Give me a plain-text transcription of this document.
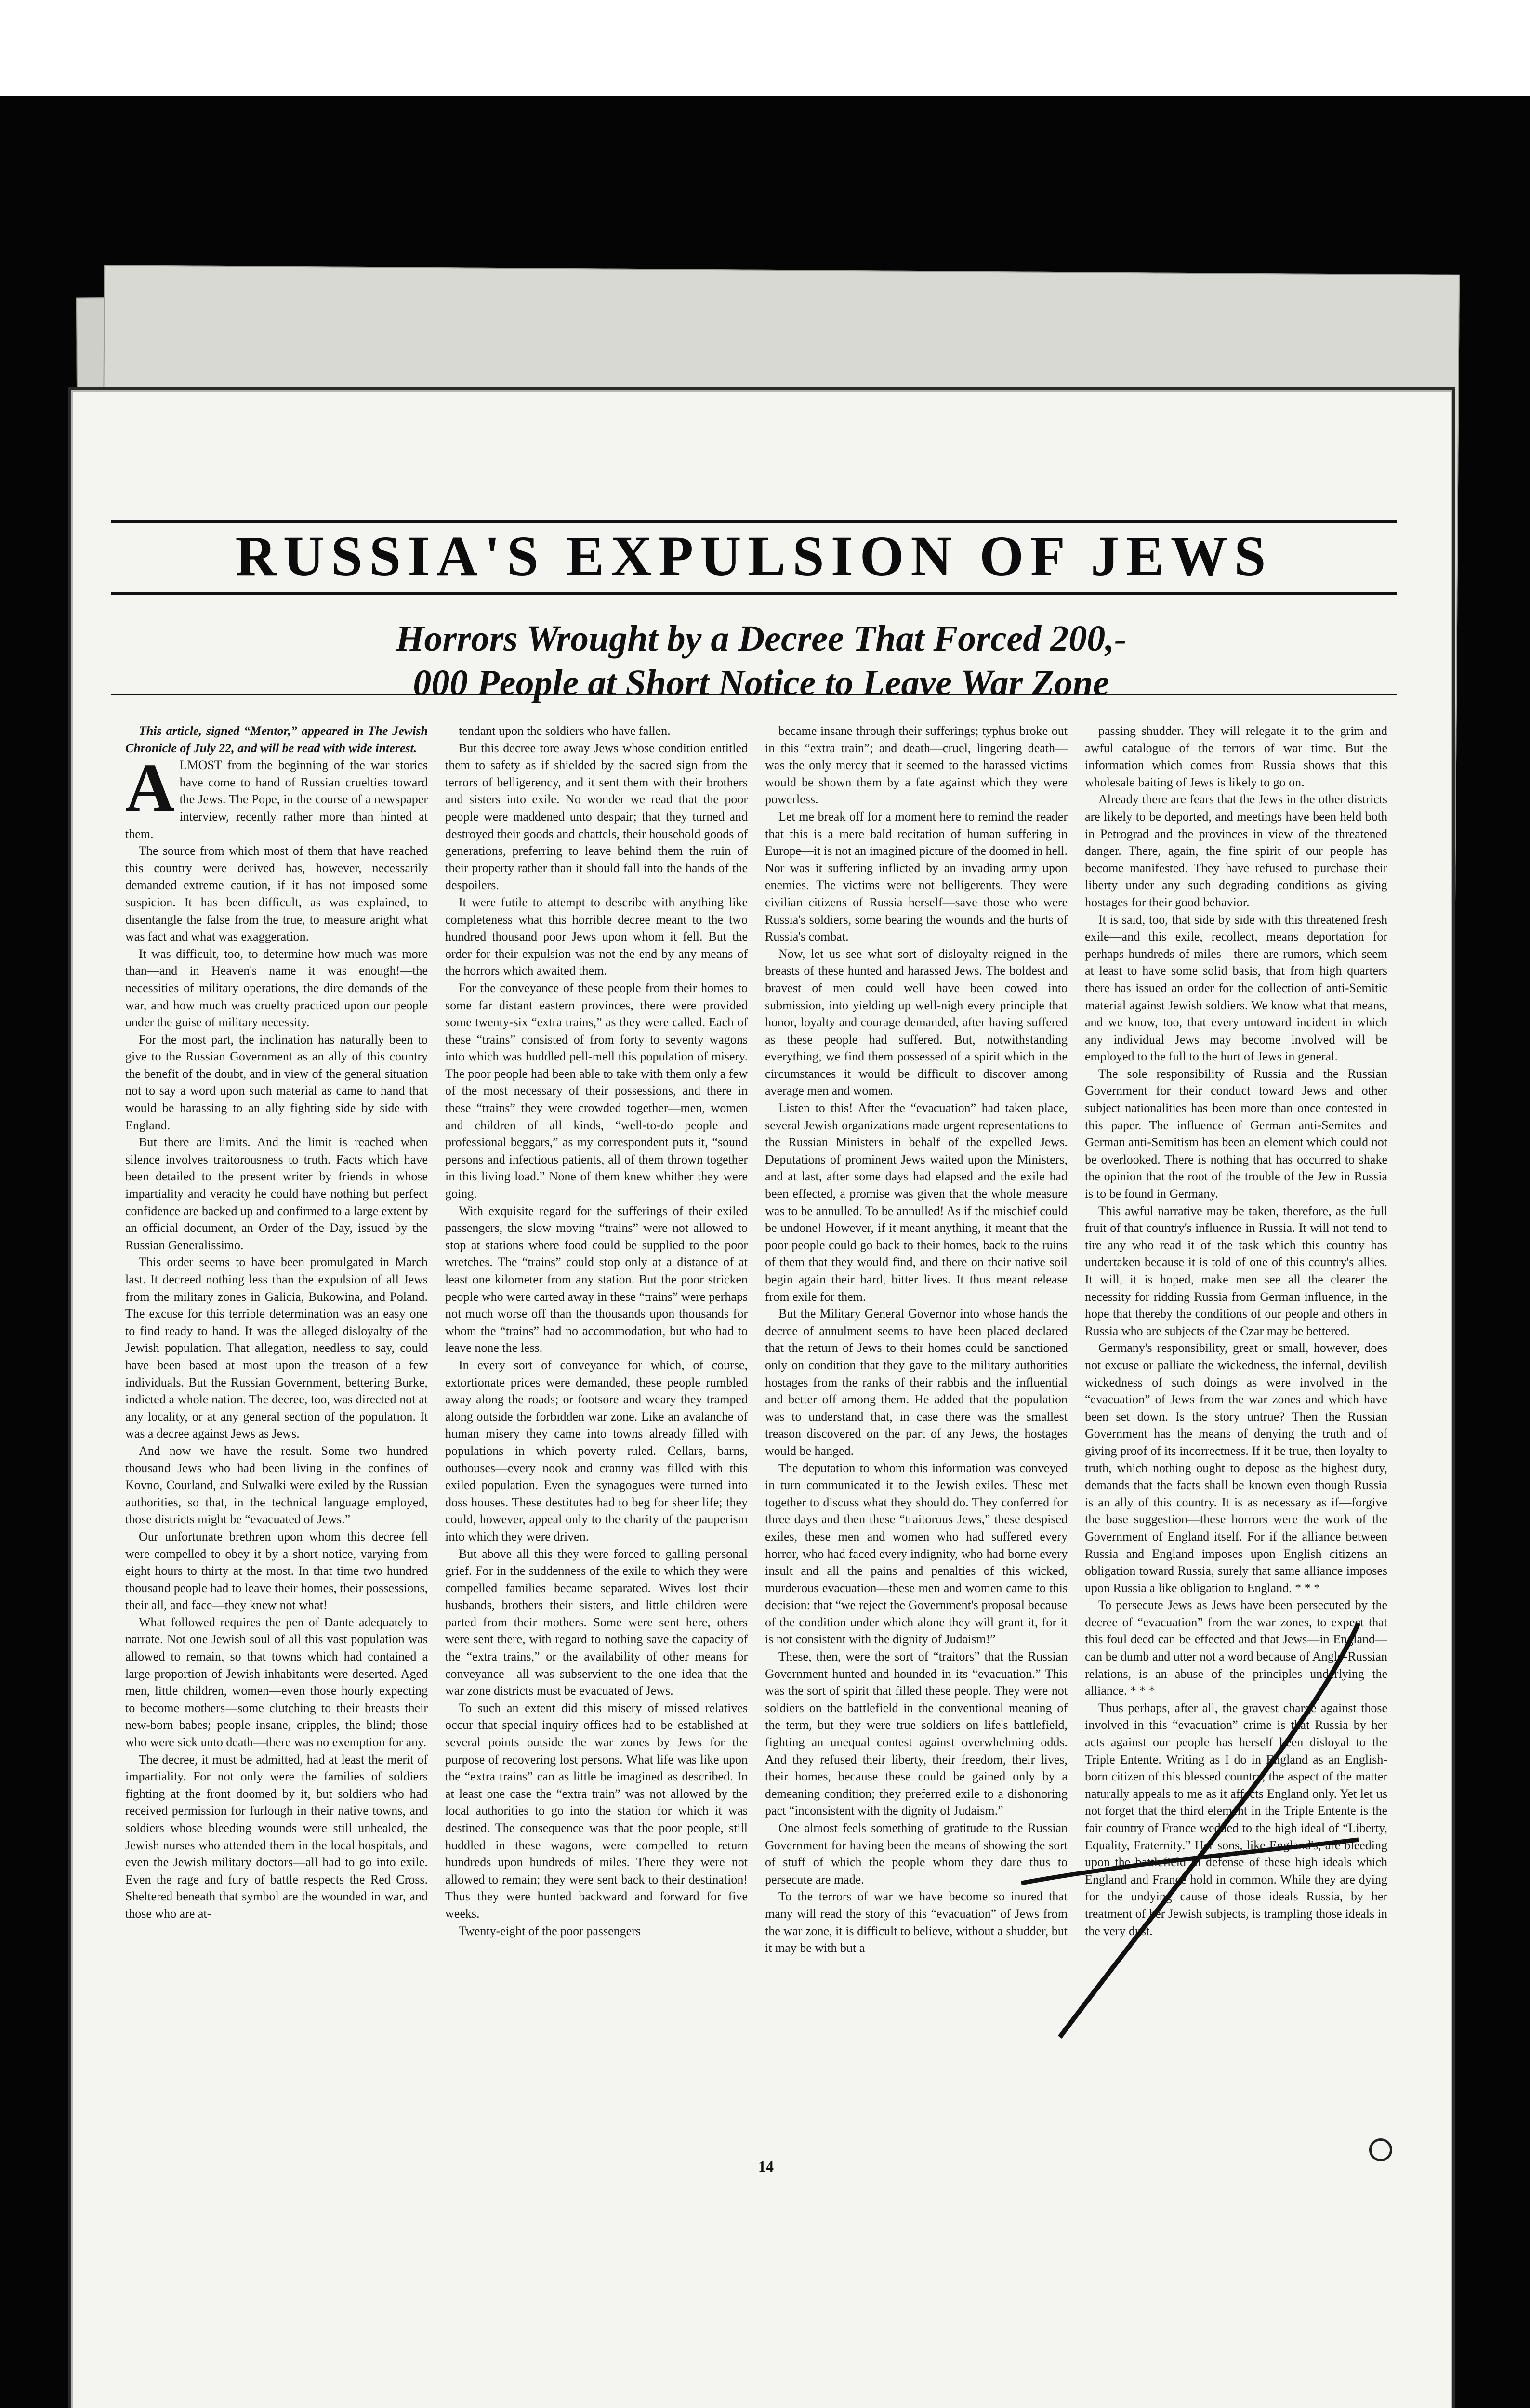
RUSSIA'S EXPULSION OF JEWS
Horrors Wrought by a Decree That Forced 200,-
000 People at Short Notice to Leave War Zone

This article, signed “Mentor,” appeared in The Jewish Chronicle of July 22, and will be read with wide interest.

A LMOST from the beginning of the war stories have come to hand of Russian cruelties toward the Jews. The Pope, in the course of a newspaper interview, recently rather more than hinted at them.

The source from which most of them that have reached this country were derived has, however, necessarily demanded extreme caution, if it has not imposed some suspicion. It has been difficult, as was explained, to disentangle the false from the true, to measure aright what was fact and what was exaggeration.

It was difficult, too, to determine how much was more than—and in Heaven's name it was enough!—the necessities of military operations, the dire demands of the war, and how much was cruelty practiced upon our people under the guise of military necessity.

For the most part, the inclination has naturally been to give to the Russian Government as an ally of this country the benefit of the doubt, and in view of the general situation not to say a word upon such material as came to hand that would be harassing to an ally fighting side by side with England.

But there are limits. And the limit is reached when silence involves traitorousness to truth. Facts which have been detailed to the present writer by friends in whose impartiality and veracity he could have nothing but perfect confidence are backed up and confirmed to a large extent by an official document, an Order of the Day, issued by the Russian Generalissimo.

This order seems to have been promulgated in March last. It decreed nothing less than the expulsion of all Jews from the military zones in Galicia, Bukowina, and Poland. The excuse for this terrible determination was an easy one to find ready to hand. It was the alleged disloyalty of the Jewish population. That allegation, needless to say, could have been based at most upon the treason of a few individuals. But the Russian Government, bettering Burke, indicted a whole nation. The decree, too, was directed not at any locality, or at any general section of the population. It was a decree against Jews as Jews.

And now we have the result. Some two hundred thousand Jews who had been living in the confines of Kovno, Courland, and Sulwalki were exiled by the Russian authorities, so that, in the technical language employed, those districts might be “evacuated of Jews.”

Our unfortunate brethren upon whom this decree fell were compelled to obey it by a short notice, varying from eight hours to thirty at the most. In that time two hundred thousand people had to leave their homes, their possessions, their all, and face—they knew not what!

What followed requires the pen of Dante adequately to narrate. Not one Jewish soul of all this vast population was allowed to remain, so that towns which had contained a large proportion of Jewish inhabitants were deserted. Aged men, little children, women—even those hourly expecting to become mothers—some clutching to their breasts their new-born babes; people insane, cripples, the blind; those who were sick unto death—there was no exemption for any.

The decree, it must be admitted, had at least the merit of impartiality. For not only were the families of soldiers fighting at the front doomed by it, but soldiers who had received permission for furlough in their native towns, and soldiers whose bleeding wounds were still unhealed, the Jewish nurses who attended them in the local hospitals, and even the Jewish military doctors—all had to go into exile. Even the rage and fury of battle respects the Red Cross. Sheltered beneath that symbol are the wounded in war, and those who are at-

tendant upon the soldiers who have fallen.

But this decree tore away Jews whose condition entitled them to safety as if shielded by the sacred sign from the terrors of belligerency, and it sent them with their brothers and sisters into exile. No wonder we read that the poor people were maddened unto despair; that they turned and destroyed their goods and chattels, their household goods of generations, preferring to leave behind them the ruin of their property rather than it should fall into the hands of the despoilers.

It were futile to attempt to describe with anything like completeness what this horrible decree meant to the two hundred thousand poor Jews upon whom it fell. But the order for their expulsion was not the end by any means of the horrors which awaited them.

For the conveyance of these people from their homes to some far distant eastern provinces, there were provided some twenty-six “extra trains,” as they were called. Each of these “trains” consisted of from forty to seventy wagons into which was huddled pell-mell this population of misery. The poor people had been able to take with them only a few of the most necessary of their possessions, and there in these “trains” they were crowded together—men, women and children of all kinds, “well-to-do people and professional beggars,” as my correspondent puts it, “sound persons and infectious patients, all of them thrown together in this living load.” None of them knew whither they were going.

With exquisite regard for the sufferings of their exiled passengers, the slow moving “trains” were not allowed to stop at stations where food could be supplied to the poor wretches. The “trains” could stop only at a distance of at least one kilometer from any station. But the poor stricken people who were carted away in these “trains” were perhaps not much worse off than the thousands upon thousands for whom the “trains” had no accommodation, but who had to leave none the less.

In every sort of conveyance for which, of course, extortionate prices were demanded, these people rumbled away along the roads; or footsore and weary they tramped along outside the forbidden war zone. Like an avalanche of human misery they came into towns already filled with populations in which poverty ruled. Cellars, barns, outhouses—every nook and cranny was filled with this exiled population. Even the synagogues were turned into doss houses. These destitutes had to beg for sheer life; they could, however, appeal only to the charity of the pauperism into which they were driven.

But above all this they were forced to galling personal grief. For in the suddenness of the exile to which they were compelled families became separated. Wives lost their husbands, brothers their sisters, and little children were parted from their mothers. Some were sent here, others were sent there, with regard to nothing save the capacity of the “extra trains,” or the availability of other means for conveyance—all was subservient to the one idea that the war zone districts must be evacuated of Jews.

To such an extent did this misery of missed relatives occur that special inquiry offices had to be established at several points outside the war zones by Jews for the purpose of recovering lost persons. What life was like upon the “extra trains” can as little be imagined as described. In at least one case the “extra train” was not allowed by the local authorities to go into the station for which it was destined. The consequence was that the poor people, still huddled in these wagons, were compelled to return hundreds upon hundreds of miles. There they were not allowed to remain; they were sent back to their destination! Thus they were hunted backward and forward for five weeks.

Twenty-eight of the poor passengers

became insane through their sufferings; typhus broke out in this “extra train”; and death—cruel, lingering death—was the only mercy that it seemed to the harassed victims would be shown them by a fate against which they were powerless.

Let me break off for a moment here to remind the reader that this is a mere bald recitation of human suffering in Europe—it is not an imagined picture of the doomed in hell. Nor was it suffering inflicted by an invading army upon enemies. The victims were not belligerents. They were civilian citizens of Russia herself—save those who were Russia's soldiers, some bearing the wounds and the hurts of Russia's combat.

Now, let us see what sort of disloyalty reigned in the breasts of these hunted and harassed Jews. The boldest and bravest of men could well have been cowed into submission, into yielding up well-nigh every principle that honor, loyalty and courage demanded, after having suffered as these people had suffered. But, notwithstanding everything, we find them possessed of a spirit which in the circumstances it would be difficult to discover among average men and women.

Listen to this! After the “evacuation” had taken place, several Jewish organizations made urgent representations to the Russian Ministers in behalf of the expelled Jews. Deputations of prominent Jews waited upon the Ministers, and at last, after some days had elapsed and the exile had been effected, a promise was given that the whole measure was to be annulled. To be annulled! As if the mischief could be undone! However, if it meant anything, it meant that the poor people could go back to their homes, back to the ruins of them that they would find, and there on their native soil begin again their hard, bitter lives. It thus meant release from exile for them.

But the Military General Governor into whose hands the decree of annulment seems to have been placed declared that the return of Jews to their homes could be sanctioned only on condition that they gave to the military authorities hostages from the ranks of their rabbis and the influential and better off among them. He added that the population was to understand that, in case there was the smallest treason discovered on the part of any Jews, the hostages would be hanged.

The deputation to whom this information was conveyed in turn communicated it to the Jewish exiles. These met together to discuss what they should do. They conferred for three days and then these “traitorous Jews,” these despised exiles, these men and women who had suffered every horror, who had faced every indignity, who had borne every insult and all the pains and penalties of this wicked, murderous evacuation—these men and women came to this decision: that “we reject the Government's proposal because of the condition under which alone they will grant it, for it is not consistent with the dignity of Judaism!”

These, then, were the sort of “traitors” that the Russian Government hunted and hounded in its “evacuation.” This was the sort of spirit that filled these people. They were not soldiers on the battlefield in the conventional meaning of the term, but they were true soldiers on life's battlefield, fighting an unequal contest against overwhelming odds. And they refused their liberty, their freedom, their lives, their homes, because these could be gained only by a demeaning condition; they preferred exile to a dishonoring pact “inconsistent with the dignity of Judaism.”

One almost feels something of gratitude to the Russian Government for having been the means of showing the sort of stuff of which the people whom they dare thus to persecute are made.

To the terrors of war we have become so inured that many will read the story of this “evacuation” of Jews from the war zone, it is difficult to believe, without a shudder, but it may be with but a

passing shudder. They will relegate it to the grim and awful catalogue of the terrors of war time. But the information which comes from Russia shows that this wholesale baiting of Jews is likely to go on.

Already there are fears that the Jews in the other districts are likely to be deported, and meetings have been held both in Petrograd and the provinces in view of the threatened danger. There, again, the fine spirit of our people has become manifested. They have refused to purchase their liberty under any such degrading conditions as giving hostages for their good behavior.

It is said, too, that side by side with this threatened fresh exile—and this exile, recollect, means deportation for perhaps hundreds of miles—there are rumors, which seem at least to have some solid basis, that from high quarters there has issued an order for the collection of anti-Semitic material against Jewish soldiers. We know what that means, and we know, too, that every untoward incident in which any individual Jews may become involved will be employed to the full to the hurt of Jews in general.

The sole responsibility of Russia and the Russian Government for their conduct toward Jews and other subject nationalities has been more than once contested in this paper. The influence of German anti-Semites and German anti-Semitism has been an element which could not be overlooked. There is nothing that has occurred to shake the opinion that the root of the trouble of the Jew in Russia is to be found in Germany.

This awful narrative may be taken, therefore, as the full fruit of that country's influence in Russia. It will not tend to tire any who read it of the task which this country has undertaken because it is told of one of this country's allies. It will, it is hoped, make men see all the clearer the necessity for ridding Russia from German influence, in the hope that thereby the conditions of our people and others in Russia who are subjects of the Czar may be bettered.

Germany's responsibility, great or small, however, does not excuse or palliate the wickedness, the infernal, devilish wickedness of such doings as were involved in the “evacuation” of Jews from the war zones and which have been set down. Is the story untrue? Then the Russian Government has the means of denying the truth and of giving proof of its incorrectness. If it be true, then loyalty to truth, which nothing ought to depose as the highest duty, demands that the facts shall be known even though Russia is an ally of this country. It is as necessary as if—forgive the base suggestion—these horrors were the work of the Government of England itself. For if the alliance between Russia and England imposes upon English citizens an obligation toward Russia, surely that same alliance imposes upon Russia a like obligation to England. * * *

To persecute Jews as Jews have been persecuted by the decree of “evacuation” from the war zones, to expect that this foul deed can be effected and that Jews—in England—can be dumb and utter not a word because of Anglo-Russian relations, is an abuse of the principles underlying the alliance. * * *

Thus perhaps, after all, the gravest charge against those involved in this “evacuation” crime is that Russia by her acts against our people has herself been disloyal to the Triple Entente. Writing as I do in England as an English-born citizen of this blessed country, the aspect of the matter naturally appeals to me as it affects England only. Yet let us not forget that the third element in the Triple Entente is the fair country of France wedded to the high ideal of “Liberty, Equality, Fraternity.” Her sons, like England's, are bleeding upon the battlefield in defense of these high ideals which England and France hold in common. While they are dying for the undying cause of those ideals Russia, by her treatment of her Jewish subjects, is trampling those ideals in the very dust.

14
